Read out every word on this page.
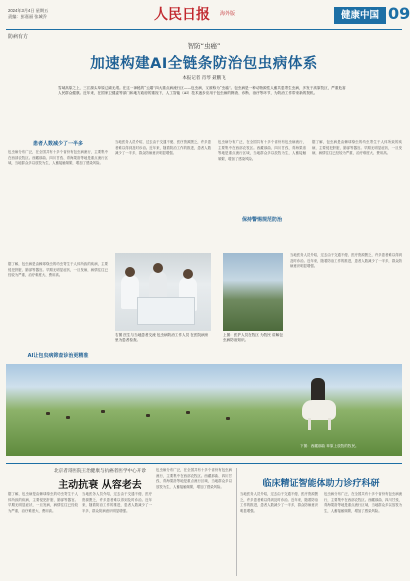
2024年3月4日 星期五
责编：彭嘉丽 张城乔	人民日报 海外版	健康中国 09
防病有方
智防“虫癌”
加速构建AI全链条防治包虫病体系
本报记者 肖琴 聂鹏飞
雪域高原之上，三江源头草原辽阔无垠。在这一神秘的“云端”四大重点病流行区——包虫病，又被称为“虫癌”。包虫病是一种动物源性人畜共患寄生虫病，多发于高原牧区，严重危害人民群众健康。近年来，在国家卫健委等部门和地方政府的重视下，人工智能（AI）技术逐步应用于包虫病的筛查、诊断、治疗等环节，为防治工作带来新的契机。
患者人数减少了一半多
包虫病分布广泛，在全国共有十多个省份有包虫病流行，主要集中在西部农牧区。西藏那曲、四川甘孜、青海果洛等地是重点流行区域，当地群众多以放牧为生，人畜接触频繁，增加了感染风险。
据了解，包虫病是由棘球绦虫的幼虫寄生于人体所致的疾病，主要侵犯肝脏、肺部等器官。早期无明显症状，一旦发病，病情往往已经较为严重，治疗难度大、费用高。
当地医务人员介绍，过去由于交通不便、医疗资源匮乏，许多患者难以得到及时诊治。近年来，随着防治工作的推进，患者人数减少了一半多，群众防病意识明显增强。
包虫病分布广泛，在全国共有十多个省份有包虫病流行，主要集中在西部农牧区。西藏那曲、四川甘孜、青海果洛等地是重点流行区域，当地群众多以放牧为生，人畜接触频繁，增加了感染风险。
据了解，包虫病是由棘球绦虫的幼虫寄生于人体所致的疾病，主要侵犯肝脏、肺部等器官。早期无明显症状，一旦发病，病情往往已经较为严重，治疗难度大、费用高。
保持警惕规范防治
右图 医生与当地患者交流 包虫病防治工作人员 在医院病房里为患者检查。
上图：医护人员在牧区 为牧民 讲解包虫病防治知识。
AI让包虫病筛查诊治更精准
当地医务人员介绍，过去由于交通不便、医疗资源匮乏，许多患者难以得到及时诊治。近年来，随着防治工作的推进，患者人数减少了一半多，群众防病意识明显增强。
下图：西藏那曲 草原上放牧的牧民。
北京者哥医院王治健康与抗癌者医学中心开诊
主动抗衰 从容老去
据了解，包虫病是由棘球绦虫的幼虫寄生于人体所致的疾病，主要侵犯肝脏、肺部等器官。早期无明显症状，一旦发病，病情往往已经较为严重，治疗难度大、费用高。
当地医务人员介绍，过去由于交通不便、医疗资源匮乏，许多患者难以得到及时诊治。近年来，随着防治工作的推进，患者人数减少了一半多，群众防病意识明显增强。
包虫病分布广泛，在全国共有十多个省份有包虫病流行，主要集中在西部农牧区。西藏那曲、四川甘孜、青海果洛等地是重点流行区域，当地群众多以放牧为生，人畜接触频繁，增加了感染风险。	临床精证智能体助力诊疗科研
当地医务人员介绍，过去由于交通不便、医疗资源匮乏，许多患者难以得到及时诊治。近年来，随着防治工作的推进，患者人数减少了一半多，群众防病意识明显增强。
包虫病分布广泛，在全国共有十多个省份有包虫病流行，主要集中在西部农牧区。西藏那曲、四川甘孜、青海果洛等地是重点流行区域，当地群众多以放牧为生，人畜接触频繁，增加了感染风险。
